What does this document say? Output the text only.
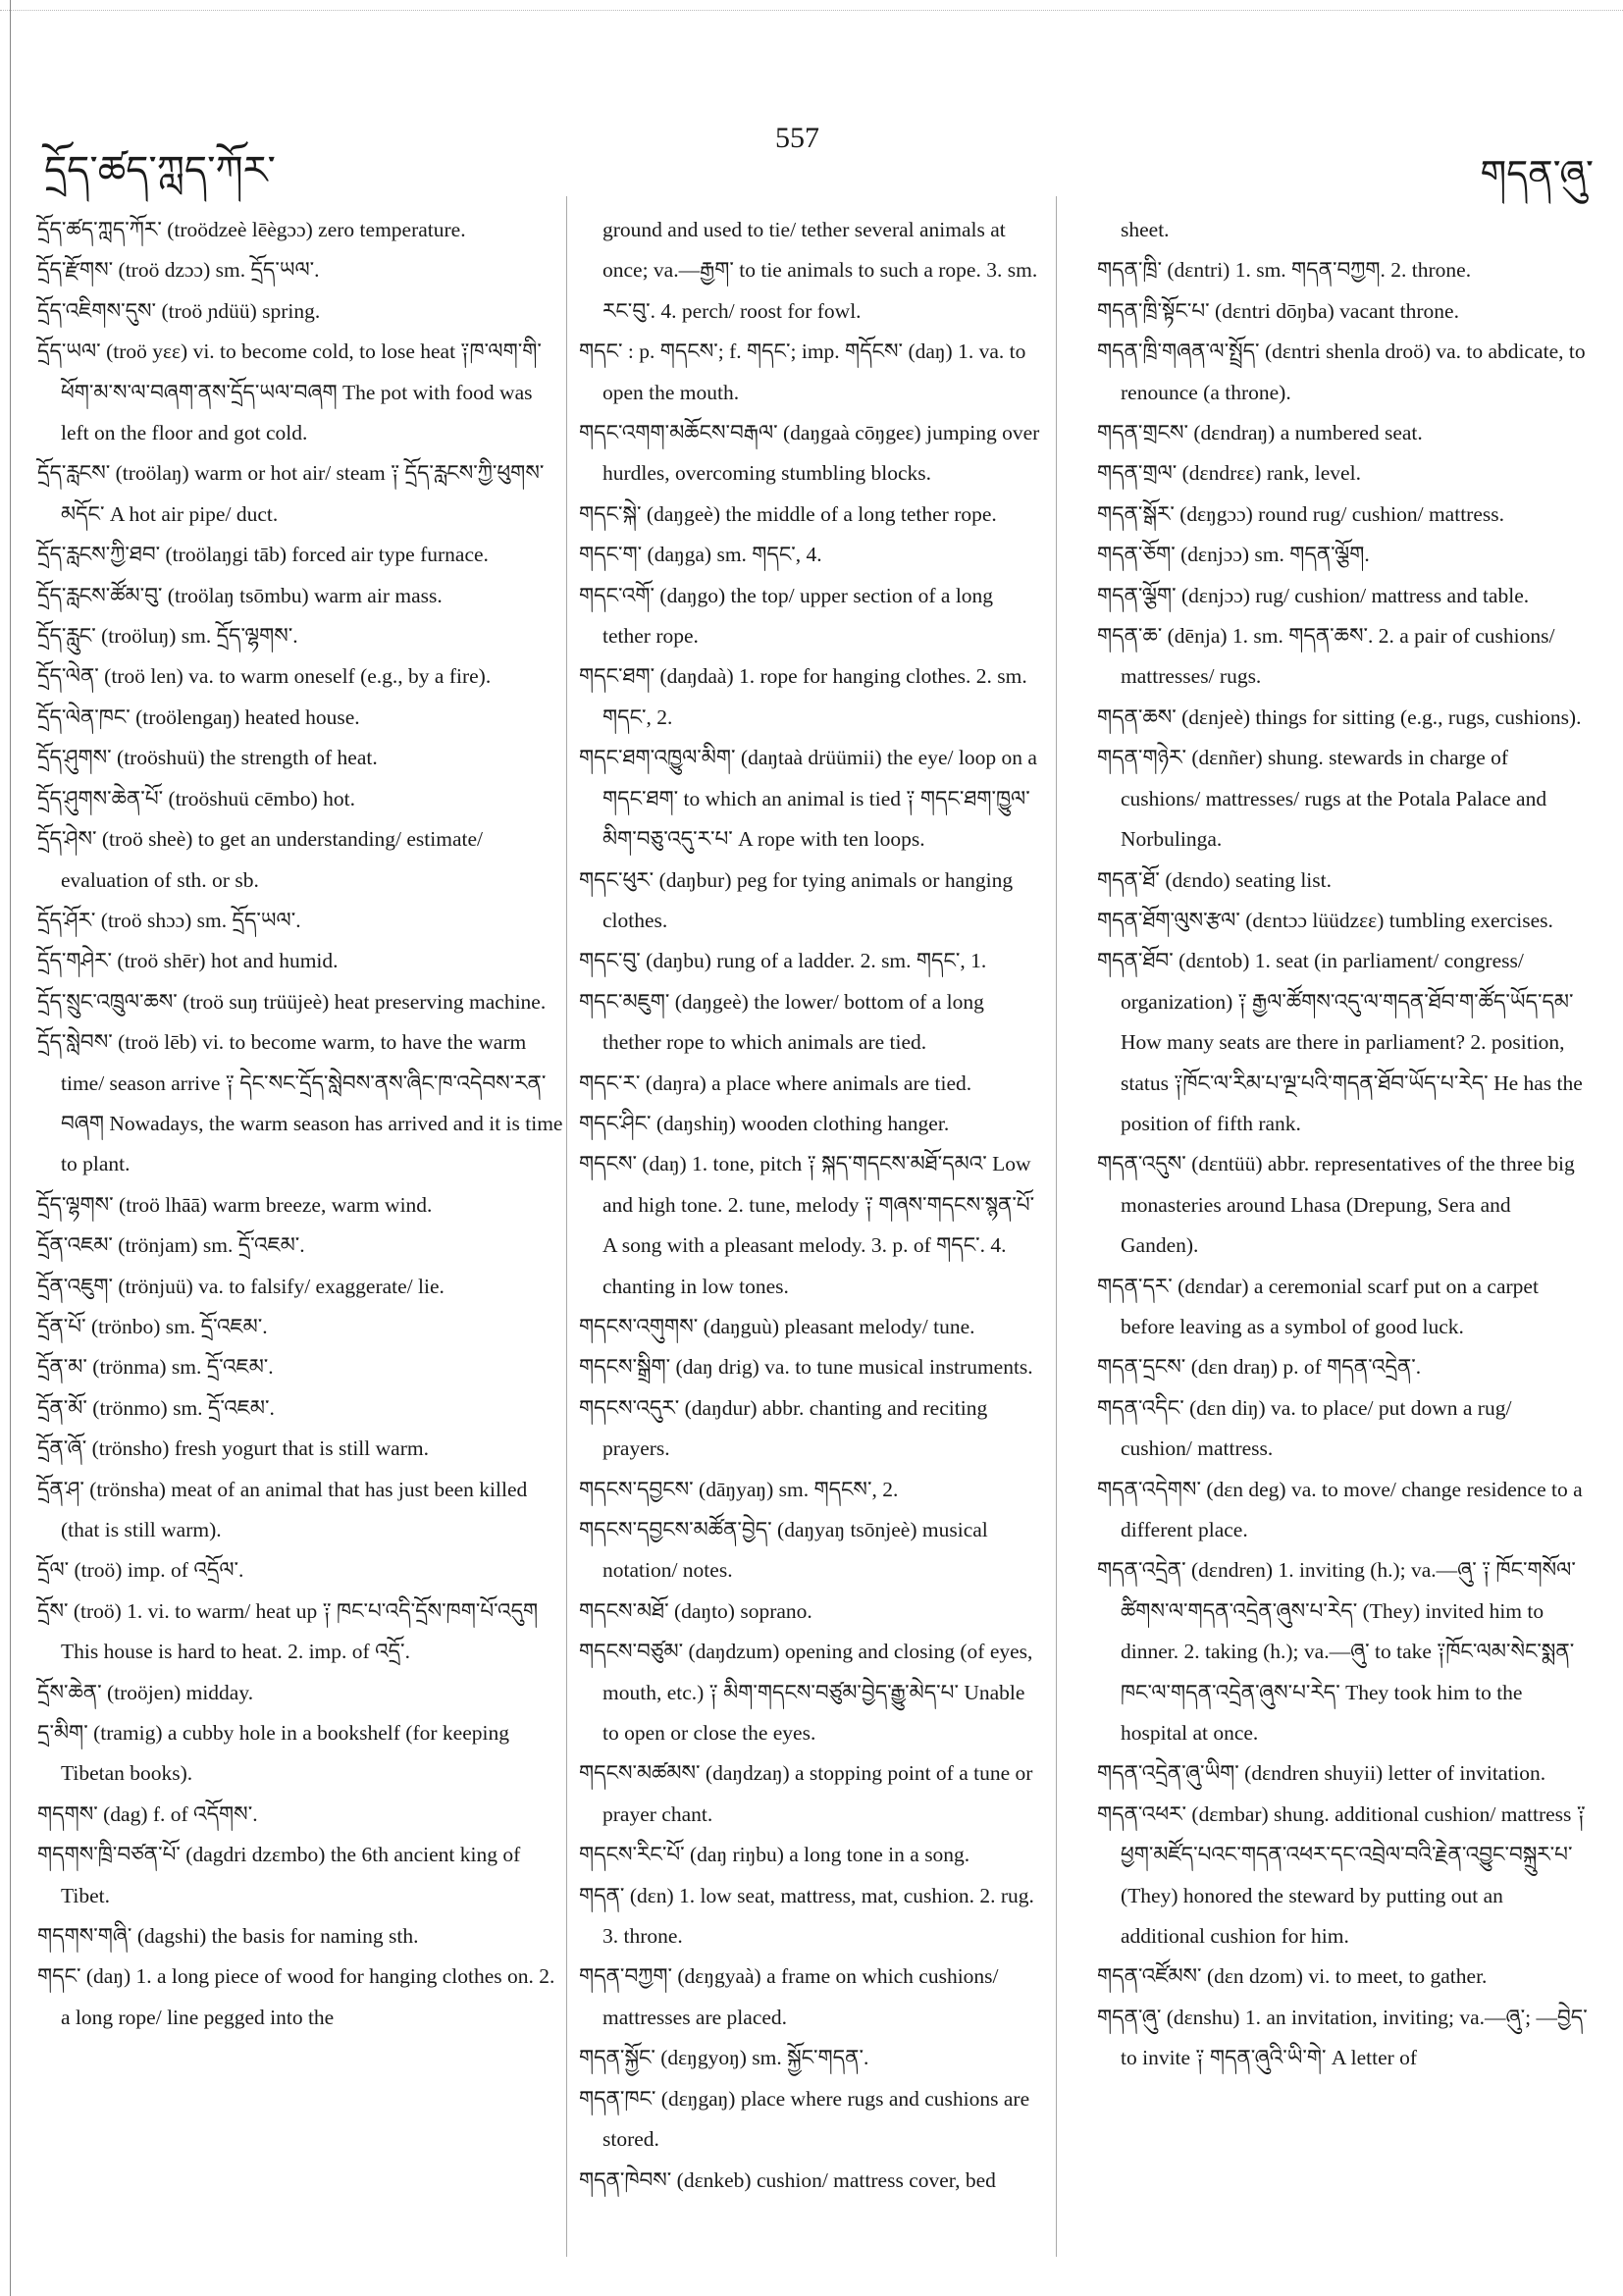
དྲོད་ཚད་ཀླད་ཀོར་
557
གདན་ཞུ་
དྲོད་ཚད་ཀླད་ཀོར་ (troödzeè lēègɔɔ) zero temperature.
དྲོད་རྫོགས་ (troö dzɔɔ) sm. དྲོད་ཡལ་.
དྲོད་འཇིགས་དུས་ (troö ɲdüü) spring.
དྲོད་ཡལ་ (troö yɛɛ) vi. to become cold, to lose heat ༑ཁ་ལག་གི་ཕོག་མ་ས་ལ་བཞག་ནས་དྲོད་ཡལ་བཞག The pot with food was left on the floor and got cold.
དྲོད་རླངས་ (troölaŋ) warm or hot air/ steam ༑ དྲོད་རླངས་ཀྱི་ཕུགས་མདོང་ A hot air pipe/ duct.
དྲོད་རླངས་ཀྱི་ཐབ་ (troölaŋgi tāb) forced air type furnace.
དྲོད་རླངས་ཚོམ་བུ་ (troölaŋ tsōmbu) warm air mass.
དྲོད་རླུང་ (troöluŋ) sm. དྲོད་ལྷགས་.
དྲོད་ལེན་ (troö len) va. to warm oneself (e.g., by a fire).
དྲོད་ལེན་ཁང་ (troölengaŋ) heated house.
དྲོད་ཤུགས་ (troöshuü) the strength of heat.
དྲོད་ཤུགས་ཆེན་པོ་ (troöshuü cēmbo) hot.
དྲོད་ཤེས་ (troö sheè) to get an understanding/ estimate/ evaluation of sth. or sb.
དྲོད་ཤོར་ (troö shɔɔ) sm. དྲོད་ཡལ་.
དྲོད་གཤེར་ (troö shēr) hot and humid.
དྲོད་སྲུང་འཁྲུལ་ཆས་ (troö suŋ trüüjeè) heat preserving machine.
དྲོད་སླེབས་ (troö lēb) vi. to become warm, to have the warm time/ season arrive ༑ དེང་སང་དྲོད་སླེབས་ནས་ཞིང་ཁ་འདེབས་རན་བཞག Nowadays, the warm season has arrived and it is time to plant.
དྲོད་ལྷགས་ (troö lhāā) warm breeze, warm wind.
དྲོན་འཇམ་ (trönjam) sm. དྲོ་འཇམ་.
དྲོན་འཇུག་ (trönjuü) va. to falsify/ exaggerate/ lie.
དྲོན་པོ་ (trönbo) sm. དྲོ་འཇམ་.
དྲོན་མ་ (trönma) sm. དྲོ་འཇམ་.
དྲོན་མོ་ (trönmo) sm. དྲོ་འཇམ་.
དྲོན་ཞོ་ (trönsho) fresh yogurt that is still warm.
དྲོན་ཤ་ (trönsha) meat of an animal that has just been killed (that is still warm).
དྲོལ་ (troö) imp. of འདྲོལ་.
དྲོས་ (troö) 1. vi. to warm/ heat up ༑ ཁང་པ་འདི་དྲོས་ཁག་པོ་འདུག This house is hard to heat. 2. imp. of འདྲོ་.
དྲོས་ཆེན་ (troöjen) midday.
དྲ་མིག་ (tramig) a cubby hole in a bookshelf (for keeping Tibetan books).
གདགས་ (dag) f. of འདོགས་.
གདགས་ཁྲི་བཙན་པོ་ (dagdri dzɛmbo) the 6th ancient king of Tibet.
གདགས་གཞི་ (dagshi) the basis for naming sth.
གདང་ (daŋ) 1. a long piece of wood for hanging clothes on. 2. a long rope/ line pegged into the
ground and used to tie/ tether several animals at once; va.—རྒྱག་ to tie animals to such a rope. 3. sm. རང་བུ་. 4. perch/ roost for fowl.
གདང་ : p. གདངས་; f. གདང་; imp. གདོངས་ (daŋ) 1. va. to open the mouth.
གདང་འགག་མཆོངས་བརྒལ་ (daŋgaà cōŋgeɛ) jumping over hurdles, overcoming stumbling blocks.
གདང་སྐེ་ (daŋgeè) the middle of a long tether rope.
གདང་ག་ (daŋga) sm. གདང་, 4.
གདང་འགོ་ (daŋgo) the top/ upper section of a long tether rope.
གདང་ཐག་ (daŋdaà) 1. rope for hanging clothes. 2. sm. གདང་, 2.
གདང་ཐག་འཁྱུལ་མིག་ (daŋtaà drüümii) the eye/ loop on a གདང་ཐག་ to which an animal is tied ༑ གདང་ཐག་ཁྱུལ་མིག་བཅུ་འདུ་ར་པ་ A rope with ten loops.
གདང་ཕུར་ (daŋbur) peg for tying animals or hanging clothes.
གདང་བུ་ (daŋbu) rung of a ladder. 2. sm. གདང་, 1.
གདང་མཇུག་ (daŋgeè) the lower/ bottom of a long thether rope to which animals are tied.
གདང་ར་ (daŋra) a place where animals are tied.
གདང་ཤིང་ (daŋshiŋ) wooden clothing hanger.
གདངས་ (daŋ) 1. tone, pitch ༑ སྐད་གདངས་མཐོ་དམའ་ Low and high tone. 2. tune, melody ༑ གཞས་གདངས་སྙན་པོ་ A song with a pleasant melody. 3. p. of གདང་. 4. chanting in low tones.
གདངས་འགུགས་ (daŋguù) pleasant melody/ tune.
གདངས་སྒྲིག་ (daŋ drig) va. to tune musical instruments.
གདངས་འདུར་ (daŋdur) abbr. chanting and reciting prayers.
གདངས་དབྱངས་ (dāŋyaŋ) sm. གདངས་, 2.
གདངས་དབྱངས་མཚོན་བྱེད་ (daŋyaŋ tsōnjeè) musical notation/ notes.
གདངས་མཐོ་ (daŋto) soprano.
གདངས་བཙུམ་ (daŋdzum) opening and closing (of eyes, mouth, etc.) ༑ མིག་གདངས་བཙུམ་བྱེད་རྒྱུ་མེད་པ་ Unable to open or close the eyes.
གདངས་མཚམས་ (daŋdzaŋ) a stopping point of a tune or prayer chant.
གདངས་རིང་པོ་ (daŋ riŋbu) a long tone in a song.
གདན་ (dɛn) 1. low seat, mattress, mat, cushion. 2. rug. 3. throne.
གདན་བཀྱག་ (dɛŋgyaà) a frame on which cushions/ mattresses are placed.
གདན་སྐྱོང་ (dɛŋgyoŋ) sm. སྐྱོང་གདན་.
གདན་ཁང་ (dɛŋgaŋ) place where rugs and cushions are stored.
གདན་ཁེབས་ (dɛnkeb) cushion/ mattress cover, bed
sheet.
གདན་ཁྲི་ (dɛntri) 1. sm. གདན་བཀྱག. 2. throne.
གདན་ཁྲི་སྟོང་པ་ (dɛntri dōŋba) vacant throne.
གདན་ཁྲི་གཞན་ལ་སྤྲོད་ (dɛntri shenla droö) va. to abdicate, to renounce (a throne).
གདན་གྲངས་ (dɛndraŋ) a numbered seat.
གདན་གྲལ་ (dɛndrɛɛ) rank, level.
གདན་སྒོར་ (dɛŋgɔɔ) round rug/ cushion/ mattress.
གདན་ཅོག་ (dɛnjɔɔ) sm. གདན་ལྕོག.
གདན་ལྕོག་ (dɛnjɔɔ) rug/ cushion/ mattress and table.
གདན་ཆ་ (dēnja) 1. sm. གདན་ཆས་. 2. a pair of cushions/ mattresses/ rugs.
གདན་ཆས་ (dɛnjeè) things for sitting (e.g., rugs, cushions).
གདན་གཉེར་ (dɛnñer) shung. stewards in charge of cushions/ mattresses/ rugs at the Potala Palace and Norbulinga.
གདན་ཐོ་ (dɛndo) seating list.
གདན་ཐོག་ལུས་རྩལ་ (dɛntɔɔ lüüdzɛɛ) tumbling exercises.
གདན་ཐོབ་ (dɛntob) 1. seat (in parliament/ congress/ organization) ༑ རྒྱལ་ཚོགས་འདུ་ལ་གདན་ཐོབ་ག་ཚོད་ཡོད་དམ་ How many seats are there in parliament? 2. position, status ༑ཁོང་ལ་རིམ་པ་ལྔ་པའི་གདན་ཐོབ་ཡོད་པ་རེད་ He has the position of fifth rank.
གདན་འདུས་ (dɛntüü) abbr. representatives of the three big monasteries around Lhasa (Drepung, Sera and Ganden).
གདན་དར་ (dɛndar) a ceremonial scarf put on a carpet before leaving as a symbol of good luck.
གདན་དྲངས་ (dɛn draŋ) p. of གདན་འདྲེན་.
གདན་འདིང་ (dɛn diŋ) va. to place/ put down a rug/ cushion/ mattress.
གདན་འདེགས་ (dɛn deg) va. to move/ change residence to a different place.
གདན་འདྲེན་ (dɛndren) 1. inviting (h.); va.—ཞུ་ ༑ ཁོང་གསོལ་ཚིགས་ལ་གདན་འདྲེན་ཞུས་པ་རེད་ (They) invited him to dinner. 2. taking (h.); va.—ཞུ་ to take ༑ཁོང་ལམ་སེང་སྨན་ཁང་ལ་གདན་འདྲེན་ཞུས་པ་རེད་ They took him to the hospital at once.
གདན་འདྲེན་ཞུ་ཡིག་ (dɛndren shuyii) letter of invitation.
གདན་འཕར་ (dɛmbar) shung. additional cushion/ mattress ༑ ཕྱག་མཛོད་པའང་གདན་འཕར་དང་འབྲེལ་བའི་རྗེན་འབྱུང་བསྐྲུར་པ་ (They) honored the steward by putting out an additional cushion for him.
གདན་འཛོམས་ (dɛn dzom) vi. to meet, to gather.
གདན་ཞུ་ (dɛnshu) 1. an invitation, inviting; va.—ཞུ་; —བྱེད་ to invite ༑ གདན་ཞུའི་ཡི་གེ་ A letter of
